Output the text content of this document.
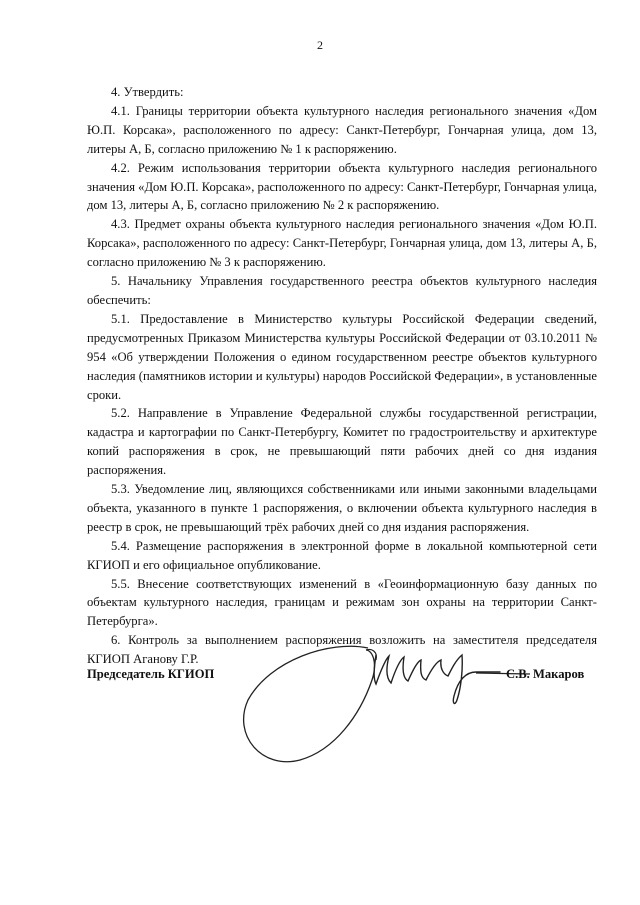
2

4. Утвердить:

4.1. Границы территории объекта культурного наследия регионального значения «Дом Ю.П. Корсака», расположенного по адресу: Санкт-Петербург, Гончарная улица, дом 13, литеры А, Б, согласно приложению № 1 к распоряжению.

4.2. Режим использования территории объекта культурного наследия регионального значения «Дом Ю.П. Корсака», расположенного по адресу: Санкт-Петербург, Гончарная улица, дом 13, литеры А, Б, согласно приложению № 2 к распоряжению.

4.3. Предмет охраны объекта культурного наследия регионального значения «Дом Ю.П. Корсака», расположенного по адресу: Санкт-Петербург, Гончарная улица, дом 13, литеры А, Б, согласно приложению № 3 к распоряжению.

5. Начальнику Управления государственного реестра объектов культурного наследия обеспечить:

5.1. Предоставление в Министерство культуры Российской Федерации сведений, предусмотренных Приказом Министерства культуры Российской Федерации от 03.10.2011 № 954 «Об утверждении Положения о едином государственном реестре объектов культурного наследия (памятников истории и культуры) народов Российской Федерации», в установленные сроки.

5.2. Направление в Управление Федеральной службы государственной регистрации, кадастра и картографии по Санкт-Петербургу, Комитет по градостроительству и архитектуре копий распоряжения в срок, не превышающий пяти рабочих дней со дня издания распоряжения.

5.3. Уведомление лиц, являющихся собственниками или иными законными владельцами объекта, указанного в пункте 1 распоряжения, о включении объекта культурного наследия в реестр в срок, не превышающий трёх рабочих дней со дня издания распоряжения.

5.4. Размещение распоряжения в электронной форме в локальной компьютерной сети КГИОП и его официальное опубликование.

5.5. Внесение соответствующих изменений в «Геоинформационную базу данных по объектам культурного наследия, границам и режимам зон охраны на территории Санкт-Петербурга».

6. Контроль за выполнением распоряжения возложить на заместителя председателя КГИОП Аганову Г.Р.

Председатель КГИОП	С.В. Макаров
